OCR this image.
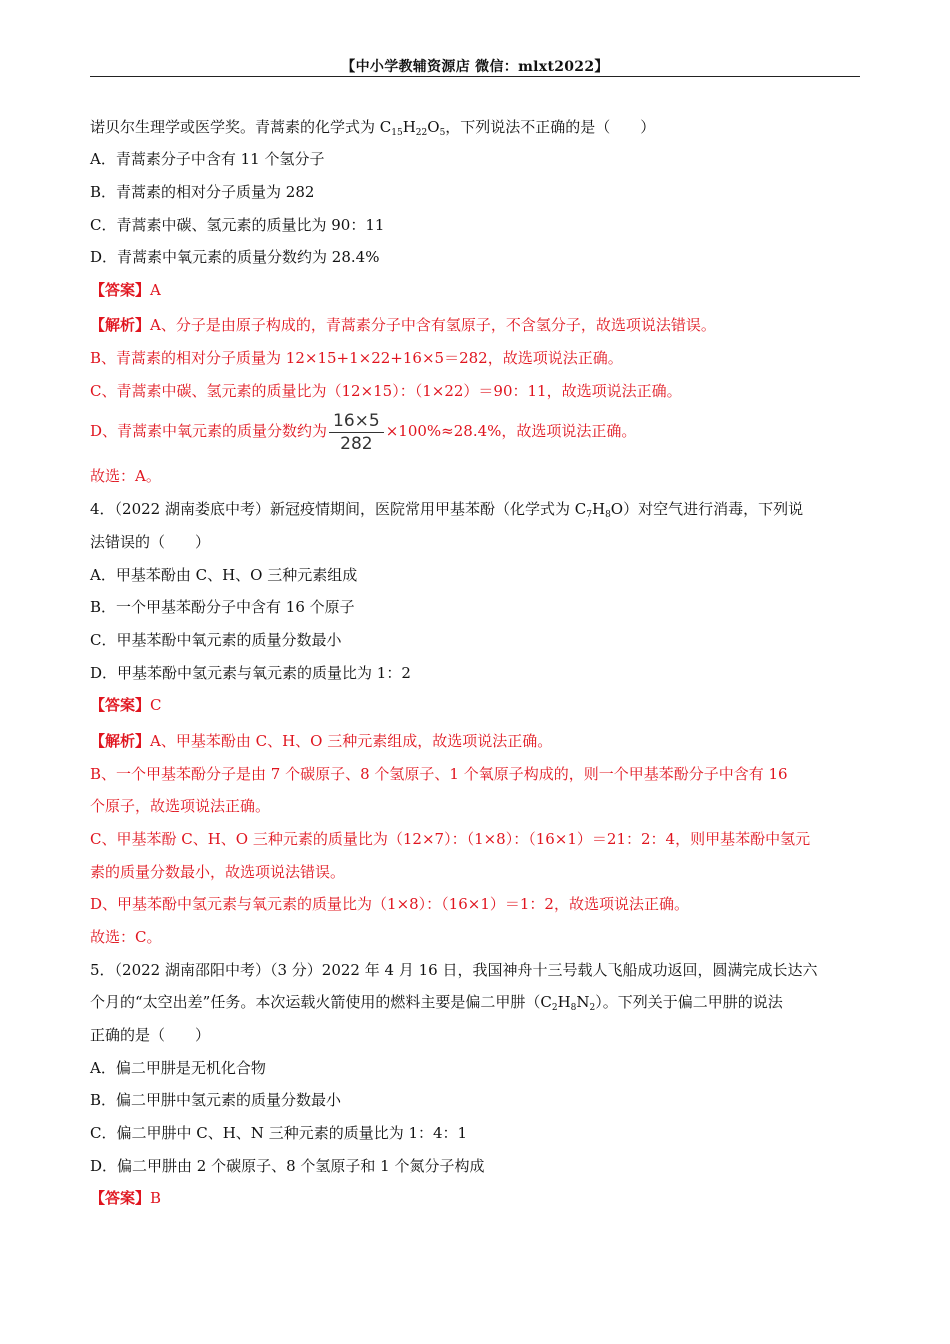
【中小学教辅资源店 微信：mlxt2022】
诺贝尔生理学或医学奖。青蒿素的化学式为 $C_{15}H_{22}O_5$，下列说法不正确的是（　　）
A．青蒿素分子中含有 11 个氢分子
B．青蒿素的相对分子质量为 282
C．青蒿素中碳、氢元素的质量比为 90：11
D．青蒿素中氧元素的质量分数约为 28.4%
【答案】A
【解析】A、分子是由原子构成的，青蒿素分子中含有氢原子，不含氢分子，故选项说法错误。
B、青蒿素的相对分子质量为 12×15+1×22+16×5＝282，故选项说法正确。
C、青蒿素中碳、氢元素的质量比为（12×15）：（1×22）＝90：11，故选项说法正确。
D、青蒿素中氧元素的质量分数约为 $\frac{16\times 5}{282} \times 100\%\approx 28.4\%$，故选项说法正确。
故选：A。
4．（2022 湖南娄底中考）新冠疫情期间，医院常用甲基苯酚（化学式为 $C_7H_8O$）对空气进行消毒，下列说
法错误的（　　）
A．甲基苯酚由 C、H、O 三种元素组成
B．一个甲基苯酚分子中含有 16 个原子
C．甲基苯酚中氧元素的质量分数最小
D．甲基苯酚中氢元素与氧元素的质量比为 1：2
【答案】C
【解析】A、甲基苯酚由 C、H、O 三种元素组成，故选项说法正确。
B、一个甲基苯酚分子是由 7 个碳原子、8 个氢原子、1 个氧原子构成的，则一个甲基苯酚分子中含有 16
个原子，故选项说法正确。
C、甲基苯酚 C、H、O 三种元素的质量比为（12×7）：（1×8）：（16×1）＝21：2：4，则甲基苯酚中氢元
素的质量分数最小，故选项说法错误。
D、甲基苯酚中氢元素与氧元素的质量比为（1×8）：（16×1）＝1：2，故选项说法正确。
故选：C。
5．（2022 湖南邵阳中考）（3 分）2022 年 4 月 16 日，我国神舟十三号载人飞船成功返回，圆满完成长达六
个月的“太空出差”任务。本次运载火箭使用的燃料主要是偏二甲肼$(C_2H_8N_2)$。下列关于偏二甲肼的说法
正确的是（　　）
A．偏二甲肼是无机化合物
B．偏二甲肼中氢元素的质量分数最小
C．偏二甲肼中 C、H、N 三种元素的质量比为 1：4：1
D．偏二甲肼由 2 个碳原子、8 个氢原子和 1 个氮分子构成
【答案】B
